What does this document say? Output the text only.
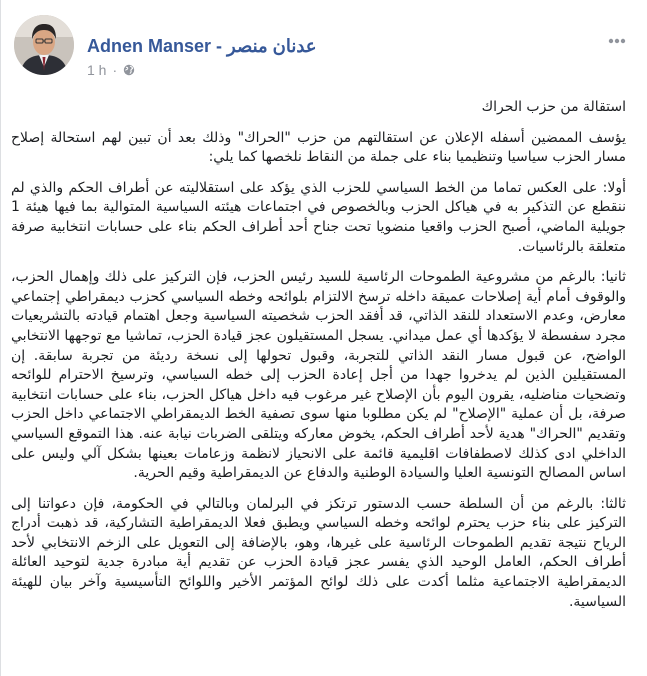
Adnen Manser - عدنان منصر
1 h ·

استقالة من حزب الحراك

يؤسف الممضين أسفله الإعلان عن استقالتهم من حزب "الحراك" وذلك بعد أن تبين لهم استحالة إصلاح مسار الحزب سياسيا وتنظيميا بناء على جملة من النقاط نلخصها كما يلي:

أولا: على العكس تماما من الخط السياسي للحزب الذي يؤكد على استقلاليته عن أطراف الحكم والذي لم ننقطع عن التذكير به في هياكل الحزب وبالخصوص في اجتماعات هيئته السياسية المتوالية بما فيها هيئة 1 جويلية الماضي، أصبح الحزب واقعيا منضويا تحت جناح أحد أطراف الحكم بناء على حسابات انتخابية صرفة متعلقة بالرئاسيات.

ثانيا: بالرغم من مشروعية الطموحات الرئاسية للسيد رئيس الحزب، فإن التركيز على ذلك وإهمال الحزب، والوقوف أمام أية إصلاحات عميقة داخله ترسخ الالتزام بلوائحه وخطه السياسي كحزب ديمقراطي إجتماعي معارض، وعدم الاستعداد للنقد الذاتي، قد أفقد الحزب شخصيته السياسية وجعل اهتمام قيادته بالتشريعيات مجرد سفسطة لا يؤكدها أي عمل ميداني. يسجل المستقيلون عجز قيادة الحزب، تماشيا مع توجهها الانتخابي الواضح، عن قبول مسار النقد الذاتي للتجربة، وقبول تحولها إلى نسخة رديئة من تجربة سابقة. إن المستقيلين الذين لم يدخروا جهدا من أجل إعادة الحزب إلى خطه السياسي، وترسيخ الاحترام للوائحه وتضحيات مناضليه، يقرون اليوم بأن الإصلاح غير مرغوب فيه داخل هياكل الحزب، بناء على حسابات انتخابية صرفة، بل أن عملية "الإصلاح" لم يكن مطلوبا منها سوى تصفية الخط الديمقراطي الاجتماعي داخل الحزب وتقديم "الحراك" هدية لأحد أطراف الحكم، يخوض معاركه ويتلقى الضربات نيابة عنه. هذا التموقع السياسي الداخلي ادى كذلك لاصطفافات اقليمية قائمة على الانحياز لانظمة وزعامات بعينها بشكل آلي وليس على اساس المصالح التونسية العليا والسيادة الوطنية والدفاع عن الديمقراطية وقيم الحرية.

ثالثا: بالرغم من أن السلطة حسب الدستور ترتكز في البرلمان وبالتالي في الحكومة، فإن دعواتنا إلى التركيز على بناء حزب يحترم لوائحه وخطه السياسي ويطبق فعلا الديمقراطية التشاركية، قد ذهبت أدراج الرياح نتيجة تقديم الطموحات الرئاسية على غيرها، وهو، بالإضافة إلى التعويل على الزخم الانتخابي لأحد أطراف الحكم، العامل الوحيد الذي يفسر عجز قيادة الحزب عن تقديم أية مبادرة جدية لتوحيد العائلة الديمقراطية الاجتماعية مثلما أكدت على ذلك لوائح المؤتمر الأخير واللوائح التأسيسية وآخر بيان للهيئة السياسية.
